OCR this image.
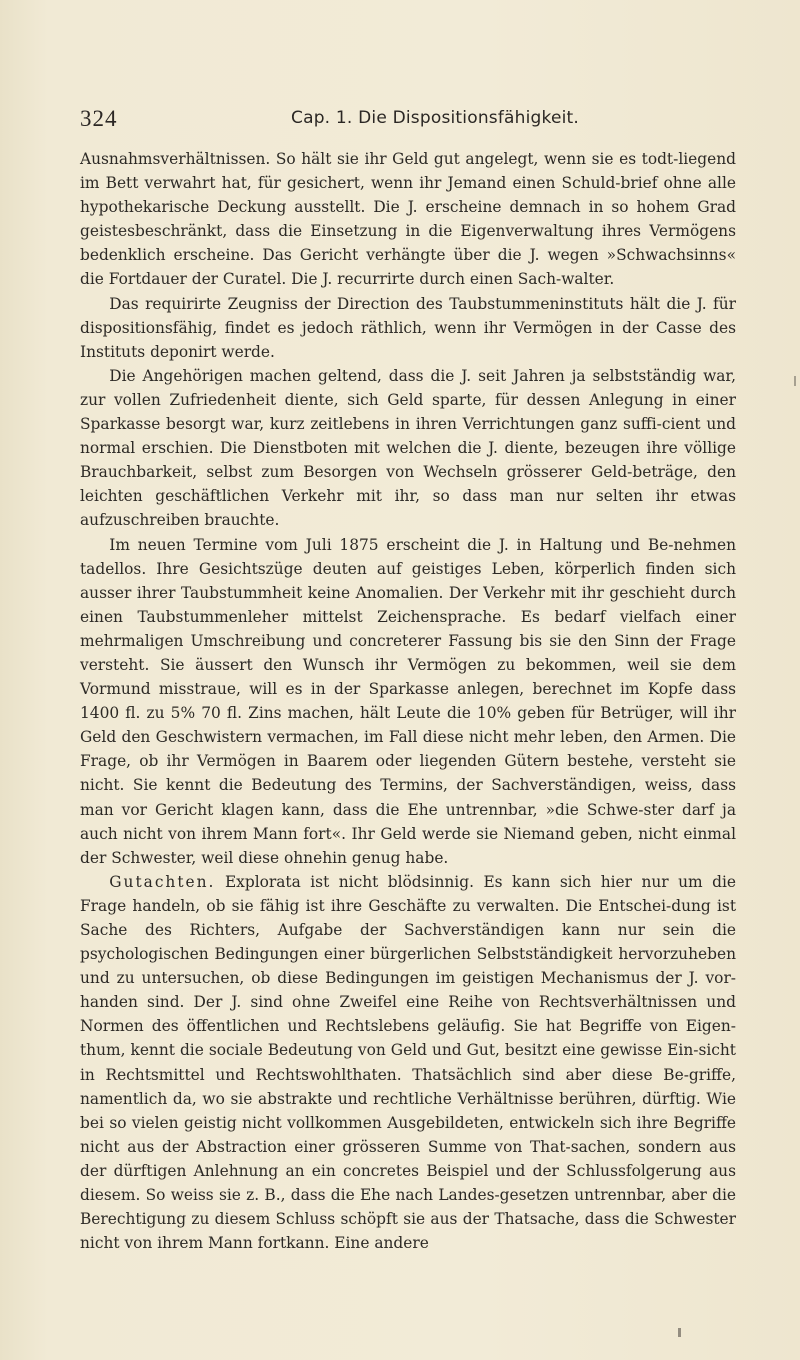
324	Cap. 1. Die Dispositionsfähigkeit.

Ausnahmsverhältnissen. So hält sie ihr Geld gut angelegt, wenn sie es todt-liegend im Bett verwahrt hat, für gesichert, wenn ihr Jemand einen Schuld-brief ohne alle hypothekarische Deckung ausstellt. Die J. erscheine demnach in so hohem Grad geistesbeschränkt, dass die Einsetzung in die Eigenverwaltung ihres Vermögens bedenklich erscheine. Das Gericht verhängte über die J. wegen »Schwachsinns« die Fortdauer der Curatel. Die J. recurrirte durch einen Sach-walter.

Das requirirte Zeugniss der Direction des Taubstummeninstituts hält die J. für dispositionsfähig, findet es jedoch räthlich, wenn ihr Vermögen in der Casse des Instituts deponirt werde.

Die Angehörigen machen geltend, dass die J. seit Jahren ja selbstständig war, zur vollen Zufriedenheit diente, sich Geld sparte, für dessen Anlegung in einer Sparkasse besorgt war, kurz zeitlebens in ihren Verrichtungen ganz suffi-cient und normal erschien. Die Dienstboten mit welchen die J. diente, bezeugen ihre völlige Brauchbarkeit, selbst zum Besorgen von Wechseln grösserer Geld-beträge, den leichten geschäftlichen Verkehr mit ihr, so dass man nur selten ihr etwas aufzuschreiben brauchte.

Im neuen Termine vom Juli 1875 erscheint die J. in Haltung und Be-nehmen tadellos. Ihre Gesichtszüge deuten auf geistiges Leben, körperlich finden sich ausser ihrer Taubstummheit keine Anomalien. Der Verkehr mit ihr geschieht durch einen Taubstummenleher mittelst Zeichensprache. Es bedarf vielfach einer mehrmaligen Umschreibung und concreterer Fassung bis sie den Sinn der Frage versteht. Sie äussert den Wunsch ihr Vermögen zu bekommen, weil sie dem Vormund misstraue, will es in der Sparkasse anlegen, berechnet im Kopfe dass 1400 fl. zu 5% 70 fl. Zins machen, hält Leute die 10% geben für Betrüger, will ihr Geld den Geschwistern vermachen, im Fall diese nicht mehr leben, den Armen. Die Frage, ob ihr Vermögen in Baarem oder liegenden Gütern bestehe, versteht sie nicht. Sie kennt die Bedeutung des Termins, der Sachverständigen, weiss, dass man vor Gericht klagen kann, dass die Ehe untrennbar, »die Schwe-ster darf ja auch nicht von ihrem Mann fort«. Ihr Geld werde sie Niemand geben, nicht einmal der Schwester, weil diese ohnehin genug habe.

Gutachten. Explorata ist nicht blödsinnig. Es kann sich hier nur um die Frage handeln, ob sie fähig ist ihre Geschäfte zu verwalten. Die Entschei-dung ist Sache des Richters, Aufgabe der Sachverständigen kann nur sein die psychologischen Bedingungen einer bürgerlichen Selbstständigkeit hervorzuheben und zu untersuchen, ob diese Bedingungen im geistigen Mechanismus der J. vor-handen sind. Der J. sind ohne Zweifel eine Reihe von Rechtsverhältnissen und Normen des öffentlichen und Rechtslebens geläufig. Sie hat Begriffe von Eigen-thum, kennt die sociale Bedeutung von Geld und Gut, besitzt eine gewisse Ein-sicht in Rechtsmittel und Rechtswohlthaten. Thatsächlich sind aber diese Be-griffe, namentlich da, wo sie abstrakte und rechtliche Verhältnisse berühren, dürftig. Wie bei so vielen geistig nicht vollkommen Ausgebildeten, entwickeln sich ihre Begriffe nicht aus der Abstraction einer grösseren Summe von That-sachen, sondern aus der dürftigen Anlehnung an ein concretes Beispiel und der Schlussfolgerung aus diesem. So weiss sie z. B., dass die Ehe nach Landes-gesetzen untrennbar, aber die Berechtigung zu diesem Schluss schöpft sie aus der Thatsache, dass die Schwester nicht von ihrem Mann fortkann. Eine andere
